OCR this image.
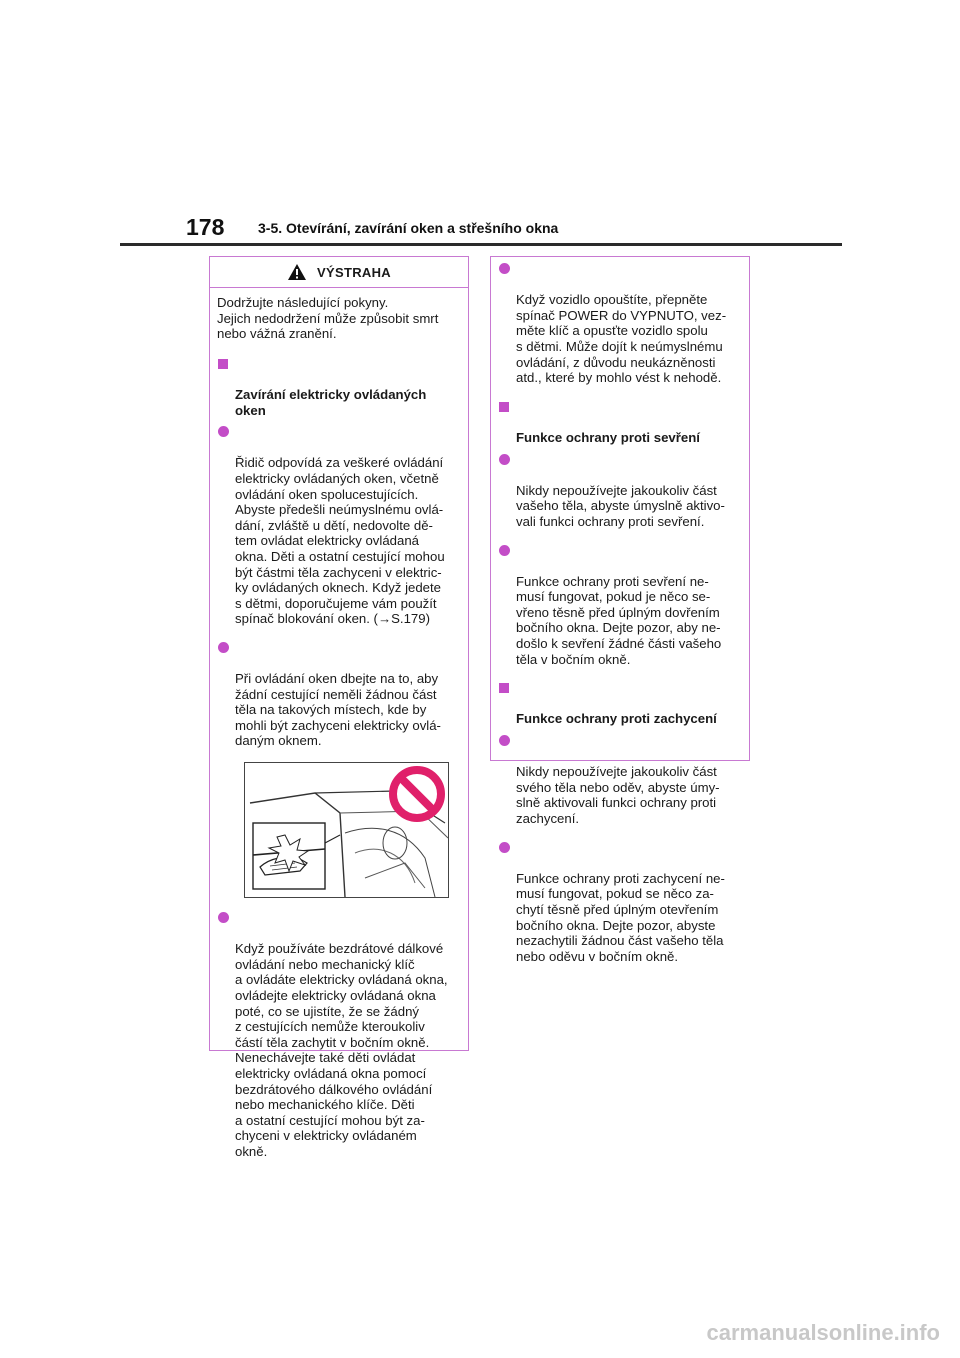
178 3-5. Otevírání, zavírání oken a střešního okna
VÝSTRAHA

Dodržujte následující pokyny.
Jejich nedodržení může způsobit smrt nebo vážná zranění.

Zavírání elektricky ovládaných
oken

Řidič odpovídá za veškeré ovládání
elektricky ovládaných oken, včetně
ovládání oken spolucestujících.
Abyste předešli neúmyslnému ovlá-
dání, zvláště u dětí, nedovolte dě-
tem ovládat elektricky ovládaná
okna. Děti a ostatní cestující mohou
být částmi těla zachyceni v elektric-
ky ovládaných oknech. Když jedete
s dětmi, doporučujeme vám použít
spínač blokování oken. (→S.179)

Při ovládání oken dbejte na to, aby
žádní cestující neměli žádnou část
těla na takových místech, kde by
mohli být zachyceni elektricky ovlá-
daným oknem.

Když používáte bezdrátové dálkové
ovládání nebo mechanický klíč
a ovládáte elektricky ovládaná okna,
ovládejte elektricky ovládaná okna
poté, co se ujistíte, že se žádný
z cestujících nemůže kteroukoliv
částí těla zachytit v bočním okně.
Nenechávejte také děti ovládat
elektricky ovládaná okna pomocí
bezdrátového dálkového ovládání
nebo mechanického klíče. Děti
a ostatní cestující mohou být za-
chyceni v elektricky ovládaném
okně.

Když vozidlo opouštíte, přepněte
spínač POWER do VYPNUTO, vez-
měte klíč a opusťte vozidlo spolu
s dětmi. Může dojít k neúmyslnému
ovládání, z důvodu neukázněnosti
atd., které by mohlo vést k nehodě.

Funkce ochrany proti sevření

Nikdy nepoužívejte jakoukoliv část
vašeho těla, abyste úmyslně aktivo-
vali funkci ochrany proti sevření.

Funkce ochrany proti sevření ne-
musí fungovat, pokud je něco se-
vřeno těsně před úplným dovřením
bočního okna. Dejte pozor, aby ne-
došlo k sevření žádné části vašeho
těla v bočním okně.

Funkce ochrany proti zachycení

Nikdy nepoužívejte jakoukoliv část
svého těla nebo oděv, abyste úmy-
slně aktivovali funkci ochrany proti
zachycení.

Funkce ochrany proti zachycení ne-
musí fungovat, pokud se něco za-
chytí těsně před úplným otevřením
bočního okna. Dejte pozor, abyste
nezachytili žádnou část vašeho těla
nebo oděvu v bočním okně.

carmanualsonline.info
